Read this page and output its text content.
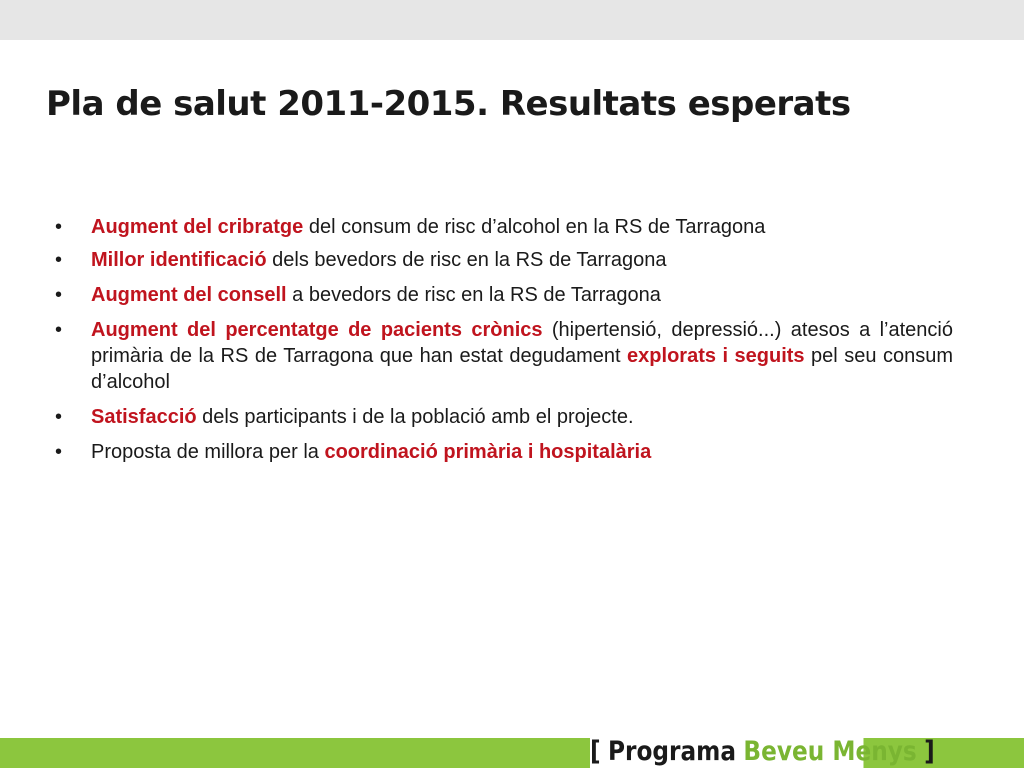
Pla de salut 2011-2015. Resultats esperats
• Augment del cribratge del consum de risc d’alcohol en la RS de Tarragona
• Millor identificació dels bevedors de risc en la RS de Tarragona
• Augment del consell a bevedors de risc en la RS de Tarragona
• Augment del percentatge de pacients crònics (hipertensió, depressió...) atesos a l’atenció primària de la RS de Tarragona que han estat degudament explorats i seguits pel seu consum d’alcohol
• Satisfacció dels participants i de la població amb el projecte.
• Proposta de millora per la coordinació primària i hospitalària
[ Programa Beveu Menys ]
